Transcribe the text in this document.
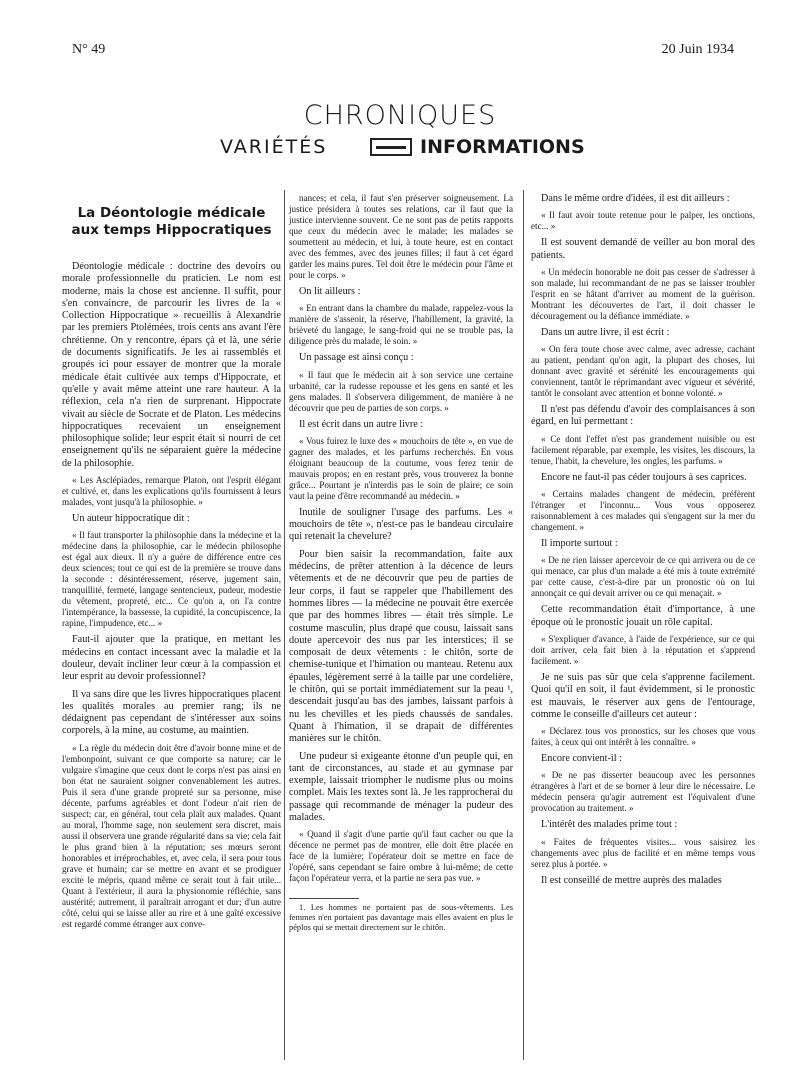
N° 49	20 Juin 1934
CHRONIQUES
VARIÉTÉS	INFORMATIONS
La Déontologie médicale
aux temps Hippocratiques

Déontologie médicale : doctrine des devoirs ou morale professionnelle du praticien. Le nom est moderne, mais la chose est ancienne. Il suffit, pour s'en convaincre, de parcourir les livres de la « Collection Hippocratique » recueillis à Alexandrie par les premiers Ptolémées, trois cents ans avant l'ère chrétienne. On y rencontre, épars çà et là, une série de documents significatifs. Je les ai rassemblés et groupés ici pour essayer de montrer que la morale médicale était cultivée aux temps d'Hippocrate, et qu'elle y avait même atteint une rare hauteur. A la réflexion, cela n'a rien de surprenant. Hippocrate vivait au siècle de Socrate et de Platon. Les médecins hippocratiques recevaient un enseignement philosophique solide; leur esprit était si nourri de cet enseignement qu'ils ne séparaient guère la médecine de la philosophie.

« Les Asclépiades, remarque Platon, ont l'esprit élégant et cultivé, et, dans les explications qu'ils fournissent à leurs malades, vont jusqu'à la philosophie. »

Un auteur hippocratique dit :

« Il faut transporter la philosophie dans la médecine et la médecine dans la philosophie, car le médecin philosophe est égal aux dieux. Il n'y a guère de différence entre ces deux sciences; tout ce qui est de la première se trouve dans la seconde : désintéressement, réserve, jugement sain, tranquillité, fermeté, langage sentencieux, pudeur, modestie du vêtement, propreté, etc... Ce qu'on a, on l'a contre l'intempérance, la bassesse, la cupidité, la concupiscence, la rapine, l'impudence, etc... »

Faut-il ajouter que la pratique, en mettant les médecins en contact incessant avec la maladie et la douleur, devait incliner leur cœur à la compassion et leur esprit au devoir professionnel?

Il va sans dire que les livres hippocratiques placent les qualités morales au premier rang; ils ne dédaignent pas cependant de s'intéresser aux soins corporels, à la mine, au costume, au maintien.

« La règle du médecin doit être d'avoir bonne mine et de l'embonpoint, suivant ce que comporte sa nature; car le vulgaire s'imagine que ceux dont le corps n'est pas ainsi en bon état ne sauraient soigner convenablement les autres. Puis il sera d'une grande propreté sur sa personne, mise décente, parfums agréables et dont l'odeur n'ait rien de suspect; car, en général, tout cela plaît aux malades. Quant au moral, l'homme sage, non seulement sera discret, mais aussi il observera une grande régularité dans sa vie; cela fait le plus grand bien à la réputation; ses mœurs seront honorables et irréprochables, et, avec cela, il sera pour tous grave et humain; car se mettre en avant et se prodiguer excite le mépris, quand même ce serait tout à fait utile... Quant à l'extérieur, il aura la physionomie réfléchie, sans austérité; autrement, il paraîtrait arrogant et dur; d'un autre côté, celui qui se laisse aller au rire et à une gaîté excessive est regardé comme étranger aux conve-

nances; et cela, il faut s'en préserver soigneusement. La justice présidera à toutes ses relations, car il faut que la justice intervienne souvent. Ce ne sont pas de petits rapports que ceux du médecin avec le malade; les malades se soumettent au médecin, et lui, à toute heure, est en contact avec des femmes, avec des jeunes filles; il faut à cet égard garder les mains pures. Tel doit être le médecin pour l'âme et pour le corps. »

On lit ailleurs :

« En entrant dans la chambre du malade, rappelez-vous la manière de s'asseoir, la réserve, l'habillement, la gravité, la brièveté du langage, le sang-froid qui ne se trouble pas, la diligence près du malade, le soin. »

Un passage est ainsi conçu :

« Il faut que le médecin ait à son service une certaine urbanité, car la rudesse repousse et les gens en santé et les gens malades. Il s'observera diligemment, de manière à ne découvrir que peu de parties de son corps. »

Il est écrit dans un autre livre :

« Vous fuirez le luxe des « mouchoirs de tête », en vue de gagner des malades, et les parfums recherchés. En vous éloignant beaucoup de la coutume, vous ferez tenir de mauvais propos; en en restant près, vous trouverez la bonne grâce... Pourtant je n'interdis pas le soin de plaire; ce soin vaut la peine d'être recommandé au médecin. »

Inutile de souligner l'usage des parfums. Les « mouchoirs de tête », n'est-ce pas le bandeau circulaire qui retenait la chevelure?

Pour bien saisir la recommandation, faite aux médecins, de prêter attention à la décence de leurs vêtements et de ne découvrir que peu de parties de leur corps, il faut se rappeler que l'habillement des hommes libres — la médecine ne pouvait être exercée que par des hommes libres — était très simple. Le costume masculin, plus drapé que cousu, laissait sans doute apercevoir des nus par les interstices; il se composait de deux vêtements : le chitôn, sorte de chemise-tunique et l'himation ou manteau. Retenu aux épaules, légèrement serré à la taille par une cordelière, le chitôn, qui se portait immédiatement sur la peau ¹, descendait jusqu'au bas des jambes, laissant parfois à nu les chevilles et les pieds chaussés de sandales. Quant à l'himation, il se drapait de différentes manières sur le chitôn.

Une pudeur si exigeante étonne d'un peuple qui, en tant de circonstances, au stade et au gymnase par exemple, laissait triompher le nudisme plus ou moins complet. Mais les textes sont là. Je les rapprocherai du passage qui recommande de ménager la pudeur des malades.

« Quand il s'agit d'une partie qu'il faut cacher ou que la décence ne permet pas de montrer, elle doit être placée en face de la lumière; l'opérateur doit se mettre en face de l'opéré, sans cependant se faire ombre à lui-même; de cette façon l'opérateur verra, et la partie ne sera pas vue. »

1. Les hommes ne portaient pas de sous-vêtements. Les femmes n'en portaient pas davantage mais elles avaient en plus le péplos qui se mettait directement sur le chitôn.

Dans le même ordre d'idées, il est dit ailleurs :

« Il faut avoir toute retenue pour le palper, les onctions, etc... »

Il est souvent demandé de veiller au bon moral des patients.

« Un médecin honorable ne doit pas cesser de s'adresser à son malade, lui recommandant de ne pas se laisser troubler l'esprit en se hâtant d'arriver au moment de la guérison. Montrant les découvertes de l'art, il doit chasser le découragement ou la défiance immédiate. »

Dans un autre livre, il est écrit :

« On fera toute chose avec calme, avec adresse, cachant au patient, pendant qu'on agit, la plupart des choses, lui donnant avec gravité et sérénité les encouragements qui conviennent, tantôt le réprimandant avec vigueur et sévérité, tantôt le consolant avec attention et bonne volonté. »

Il n'est pas défendu d'avoir des complaisances à son égard, en lui permettant :

« Ce dont l'effet n'est pas grandement nuisible ou est facilement réparable, par exemple, les visites, les discours, la tenue, l'habit, la chevelure, les ongles, les parfums. »

Encore ne faut-il pas céder toujours à ses caprices.

« Certains malades changent de médecin, préfèrent l'étranger et l'inconnu... Vous vous opposerez raisonnablement à ces malades qui s'engagent sur la mer du changement. »

Il importe surtout :

« De ne rien laisser apercevoir de ce qui arrivera ou de ce qui menace, car plus d'un malade a été mis à toute extrémité par cette cause, c'est-à-dire par un pronostic où on lui annonçait ce qui devait arriver ou ce qui menaçait. »

Cette recommandation était d'importance, à une époque où le pronostic jouait un rôle capital.

« S'expliquer d'avance, à l'aide de l'expérience, sur ce qui doit arriver, cela fait bien à la réputation et s'apprend facilement. »

Je ne suis pas sûr que cela s'apprenne facilement. Quoi qu'il en soit, il faut évidemment, si le pronostic est mauvais, le réserver aux gens de l'entourage, comme le conseille d'ailleurs cet auteur :

« Déclarez tous vos pronostics, sur les choses que vous faites, à ceux qui ont intérêt à les connaître. »

Encore convient-il :

« De ne pas disserter beaucoup avec les personnes étrangères à l'art et de se borner à leur dire le nécessaire. Le médecin pensera qu'agir autrement est l'équivalent d'une provocation au traitement. »

L'intérêt des malades prime tout :

« Faites de fréquentes visites... vous saisirez les changements avec plus de facilité et en même temps vous serez plus à portée. »

Il est conseillé de mettre auprès des malades
